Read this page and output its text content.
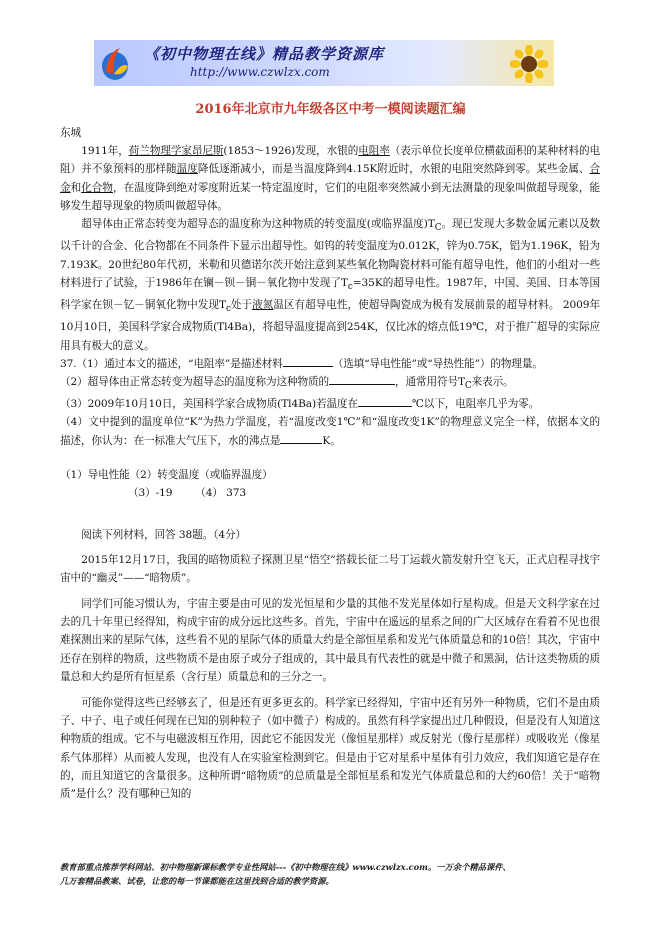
《初中物理在线》精品教学资源库
http://www.czwlzx.com
2016年北京市九年级各区中考一模阅读题汇编

东城

1911年，荷兰物理学家昂尼斯(1853～1926)发现，水银的电阻率（表示单位长度单位横截面积的某种材料的电阻）并不象预料的那样随温度降低逐渐减小，而是当温度降到4.15K附近时，水银的电阻突然降到零。某些金属、合金和化合物，在温度降到绝对零度附近某一特定温度时，它们的电阻率突然减小到无法测量的现象叫做超导现象，能够发生超导现象的物质叫做超导体。

超导体由正常态转变为超导态的温度称为这种物质的转变温度(或临界温度)$T_C$。现已发现大多数金属元素以及数以千计的合金、化合物都在不同条件下显示出超导性。如钨的转变温度为0.012K，锌为0.75K，铝为1.196K，铅为7.193K。20世纪80年代初，米勒和贝德诺尔茨开始注意到某些氧化物陶瓷材料可能有超导电性，他们的小组对一些材料进行了试验，于1986年在镧－钡－铜－氧化物中发现了$T_c=35K$的超导电性。1987年，中国、美国、日本等国科学家在钡－钇－铜氧化物中发现$T_c$处于液氮温区有超导电性，使超导陶瓷成为极有发展前景的超导材料。 2009年10月10日，美国科学家合成物质(Tl4Ba)，将超导温度提高到254K，仅比冰的熔点低19℃，对于推广超导的实际应用具有极大的意义。

37.（1）通过本文的描述，“电阻率”是描述材料	（选填“导电性能”或“导热性能”）的物理量。

（2）超导体由正常态转变为超导态的温度称为这种物质的	，通常用符号$T_C$来表示。

（3）2009年10月10日，美国科学家合成物质(Tl4Ba)若温度在	℃以下，电阻率几乎为零。

（4）文中提到的温度单位“K”为热力学温度，若“温度改变1℃”和“温度改变1K”的物理意义完全一样，依据本文的描述，你认为：在一标准大气压下，水的沸点是	K。

（1）导电性能（2）转变温度（或临界温度）

（3）-19       （4） 373

阅读下列材料，回答 38题。（4分）

2015年12月17日，我国的暗物质粒子探测卫星“悟空”搭载长征二号丁运载火箭发射升空飞天，正式启程寻找宇宙中的“幽灵”——“暗物质”。

同学们可能习惯认为，宇宙主要是由可见的发光恒星和少量的其他不发光星体如行星构成。但是天文科学家在过去的几十年里已经得知，构成宇宙的成分远比这些多。首先，宇宙中在遥远的星系之间的广大区域存在看着不见也很难探测出来的星际气体，这些看不见的星际气体的质量大约是全部恒星系和发光气体质量总和的10倍！其次，宇宙中还存在别样的物质，这些物质不是由原子或分子组成的，其中最具有代表性的就是中微子和黑洞，估计这类物质的质量总和大约是所有恒星系（含行星）质量总和的三分之一。

可能你觉得这些已经够玄了，但是还有更多更玄的。科学家已经得知，宇宙中还有另外一种物质，它们不是由质子、中子、电子或任何现在已知的别种粒子（如中微子）构成的。虽然有科学家提出过几种假设，但是没有人知道这种物质的组成。它不与电磁波相互作用，因此它不能因发光（像恒星那样）或反射光（像行星那样）或吸收光（像星系气体那样）从而被人发现，也没有人在实验室检测到它。但是由于它对星系中星体有引力效应，我们知道它是存在的，而且知道它的含量很多。这种所谓“暗物质”的总质量是全部恒星系和发光气体质量总和的大约60倍！关于“暗物质”是什么？没有哪种已知的

教育部重点推荐学科网站、初中物理新课标教学专业性网站---《初中物理在线》www.czwlzx.com。一万余个精品课件、
几万套精品教案、试卷，让您的每一节课都能在这里找到合适的教学资源。
